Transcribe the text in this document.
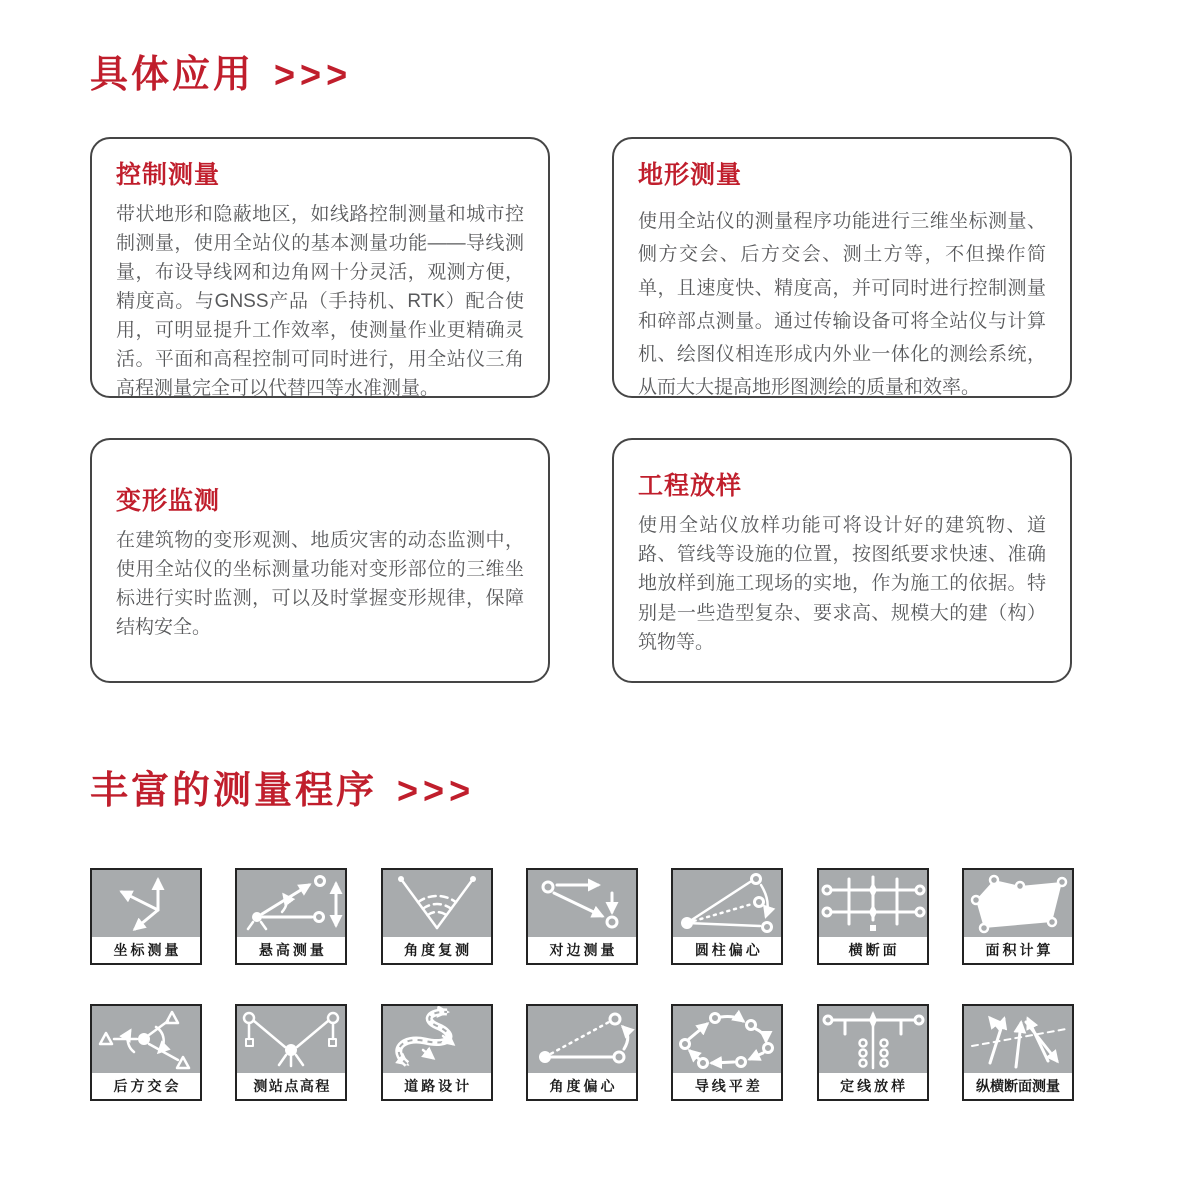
具体应用 >>>
控制测量

带状地形和隐蔽地区，如线路控制测量和城市控制测量，使用全站仪的基本测量功能——导线测量，布设导线网和边角网十分灵活，观测方便，精度高。与GNSS产品（手持机、RTK）配合使用，可明显提升工作效率，使测量作业更精确灵活。平面和高程控制可同时进行，用全站仪三角高程测量完全可以代替四等水准测量。

地形测量

使用全站仪的测量程序功能进行三维坐标测量、侧方交会、后方交会、测土方等，不但操作简单，且速度快、精度高，并可同时进行控制测量和碎部点测量。通过传输设备可将全站仪与计算机、绘图仪相连形成内外业一体化的测绘系统，从而大大提高地形图测绘的质量和效率。

变形监测

在建筑物的变形观测、地质灾害的动态监测中，使用全站仪的坐标测量功能对变形部位的三维坐标进行实时监测，可以及时掌握变形规律，保障结构安全。

工程放样

使用全站仪放样功能可将设计好的建筑物、道路、管线等设施的位置，按图纸要求快速、准确地放样到施工现场的实地，作为施工的依据。特别是一些造型复杂、要求高、规模大的建（构）筑物等。

丰富的测量程序 >>>
坐标测量	悬高测量	角度复测	对边测量	圆柱偏心	横断面	面积计算
后方交会	测站点高程	道路设计	角度偏心	导线平差	定线放样	纵横断面测量
